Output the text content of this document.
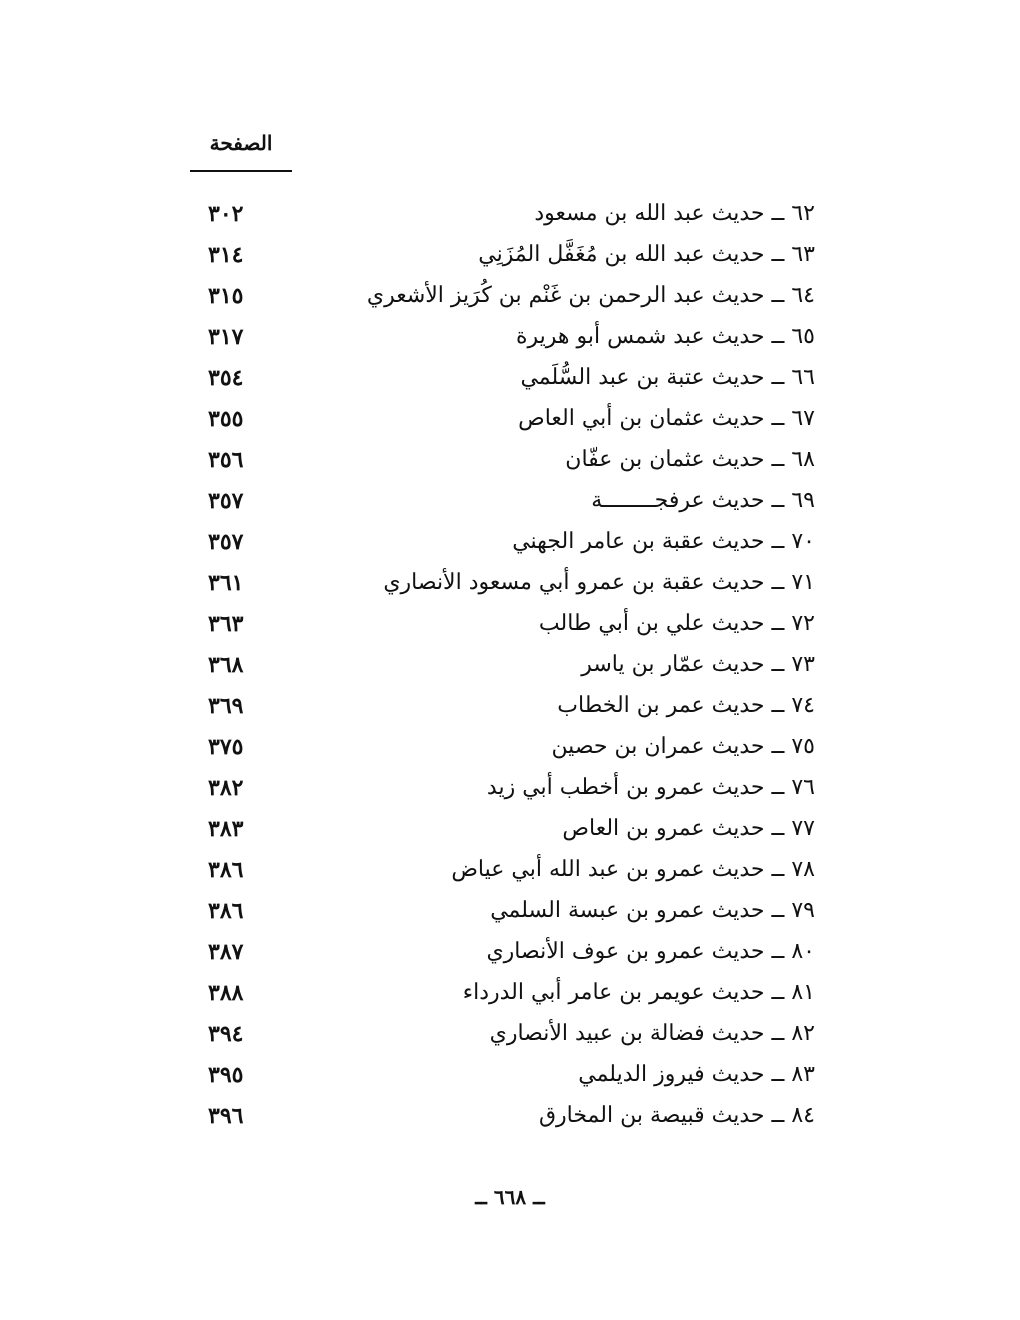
الصفحة
٦٢ ــ حديث عبد الله بن مسعود
٣٠٢
٦٣ ــ حديث عبد الله بن مُغَفَّل المُزَنِي
٣١٤
٦٤ ــ حديث عبد الرحمن بن غَنْم بن كُرَيز الأشعري
٣١٥
٦٥ ــ حديث عبد شمس أبو هريرة
٣١٧
٦٦ ــ حديث عتبة بن عبد السُّلَمي
٣٥٤
٦٧ ــ حديث عثمان بن أبي العاص
٣٥٥
٦٨ ــ حديث عثمان بن عفّان
٣٥٦
٦٩ ــ حديث عرفجــــــــة
٣٥٧
٧٠ ــ حديث عقبة بن عامر الجهني
٣٥٧
٧١ ــ حديث عقبة بن عمرو أبي مسعود الأنصاري
٣٦١
٧٢ ــ حديث علي بن أبي طالب
٣٦٣
٧٣ ــ حديث عمّار بن ياسر
٣٦٨
٧٤ ــ حديث عمر بن الخطاب
٣٦٩
٧٥ ــ حديث عمران بن حصين
٣٧٥
٧٦ ــ حديث عمرو بن أخطب أبي زيد
٣٨٢
٧٧ ــ حديث عمرو بن العاص
٣٨٣
٧٨ ــ حديث عمرو بن عبد الله أبي عياض
٣٨٦
٧٩ ــ حديث عمرو بن عبسة السلمي
٣٨٦
٨٠ ــ حديث عمرو بن عوف الأنصاري
٣٨٧
٨١ ــ حديث عويمر بن عامر أبي الدرداء
٣٨٨
٨٢ ــ حديث فضالة بن عبيد الأنصاري
٣٩٤
٨٣ ــ حديث فيروز الديلمي
٣٩٥
٨٤ ــ حديث قبيصة بن المخارق
٣٩٦
ــ ٦٦٨ ــ
